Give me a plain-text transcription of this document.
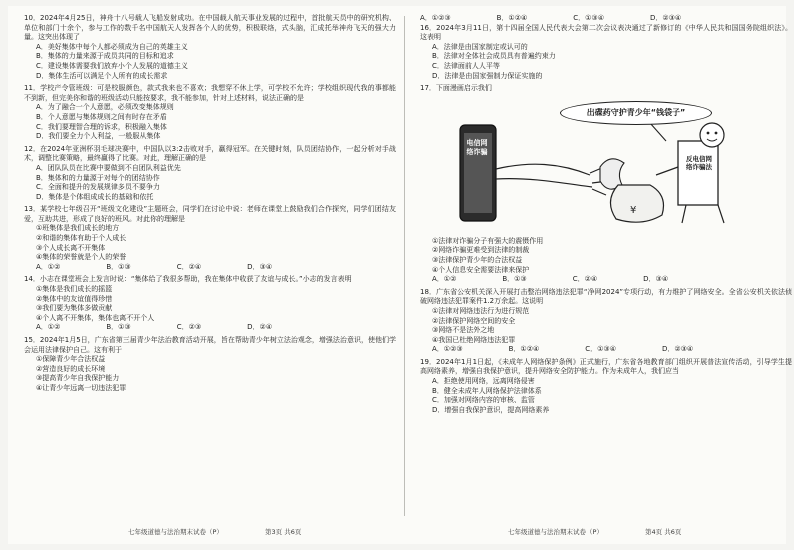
10．2024年4月25日，神舟十八号载人飞船发射成功。在中国载人航天事业发展的过程中，首批航天员中的研究机构、单位和部门十余个，参与工作的数千名中国航天人发挥各个人的优势，积极联络，式头脑，汇成托举神舟飞天的强大力量。这突出体现了
A．美好集体中每个人都必须成为自己的英雄主义
B．集体的力量来源于成员共同的目标和追求
C．建设集体需要我们放弃小个人发展的道德主义
D．集体生活可以满足个人所有的成长需求
11．学校产令管班级：可是校服颜色，款式我来也不喜欢；我想穿不休上学，可学校不允许；学校组织现代我的事都能不到新，但完美你和谐的班级活动只能按要求，我不能参加，针对上述材料，说法正确的是
A．为了融合一个人意愿，必须改变集体规则
B．个人意愿与集体规则之间有时存在矛盾
C．我们要理智合理的诉求，积极融入集体
D．我们要全力个人利益，一般服从集体
12．在2024年亚洲杯羽毛球决赛中，中国队以3:2击败对手，赢得冠军。在关键时刻，队员团结协作，一起分析对手战术，调整比赛策略，最终赢得了比赛。对此，理解正确的是
A．团队队员在比赛中要做到不自团队利益优先
B．集体和的力量源于对每个的团结协作
C．全面和提升的发展规律多员不要争力
D．集体是个体组成成长的基础和依托
13．某学校七年级召开“班级文化建设”主题班会，同学们在讨论中说：老师在课堂上鼓励我们合作探究，同学们团结友爱，互助共进，形成了良好的班风。对此你的理解是
①班集体是我们成长的地方
②和谐的集体有助于个人成长
③个人成长离不开集体
④集体的荣誉就是个人的荣誉
A．①②	B．①③	C．②④	D．③④
14．小志在课堂班会上发言时说：“集体给了我很多帮助，我在集体中收获了友谊与成长。”小志的发言表明
①集体是我们成长的摇篮
②集体中的友谊值得珍惜
③我们要为集体多做贡献
④个人离不开集体，集体也离不开个人
A．①②	B．①③	C．②③	D．②④
15．2024年1月5日，广东省第三届青少年法治教育活动开展，旨在帮助青少年树立法治观念，增强法治意识，使他们学会运用法律保护自己。这有利于
①保障青少年合法权益
②营造良好的成长环境
③提高青少年自我保护能力
④让青少年远离一切违法犯罪
A．①②③	B．①②④	C．①③④	D．②③④
16．2024年3月11日，第十四届全国人民代表大会第二次会议表决通过了新修订的《中华人民共和国国务院组织法》。这表明
A．法律是由国家制定或认可的
B．法律对全体社会成员具有普遍约束力
C．法律面前人人平等
D．法律是由国家强制力保证实施的
17．下面漫画启示我们
¥
出碟药守护青少年“钱袋子”
电信网络诈骗
反电信网络诈骗法
①法律对诈骗分子有强大的震慑作用
②网络诈骗更难受到法律的制裁
③法律保护青少年的合法权益
④个人信息安全需要法律来保护
A．①②	B．①③	C．②④	D．③④
18．广东省公安机关深入开展打击整治网络违法犯罪“净网2024”专项行动，有力维护了网络安全。全省公安机关依法侦破网络违法犯罪案件1.2万余起。这说明
①法律对网络违法行为进行规范
②法律保护网络空间的安全
③网络不是法外之地
④我国已杜绝网络违法犯罪
A．①②③	B．①②④	C．①③④	D．②③④
19．2024年1月1日起，《未成年人网络保护条例》正式施行，广东省各地教育部门组织开展普法宣传活动，引导学生提高网络素养，增强自我保护意识，提升网络安全防护能力。作为未成年人，我们应当
A．拒绝使用网络，远离网络侵害
B．健全未成年人网络保护法律体系
C．加强对网络内容的审核、监管
D．增强自我保护意识，提高网络素养
七年级道德与法治期末试卷（P）	第3页 共6页	七年级道德与法治期末试卷（P）	第4页 共6页
